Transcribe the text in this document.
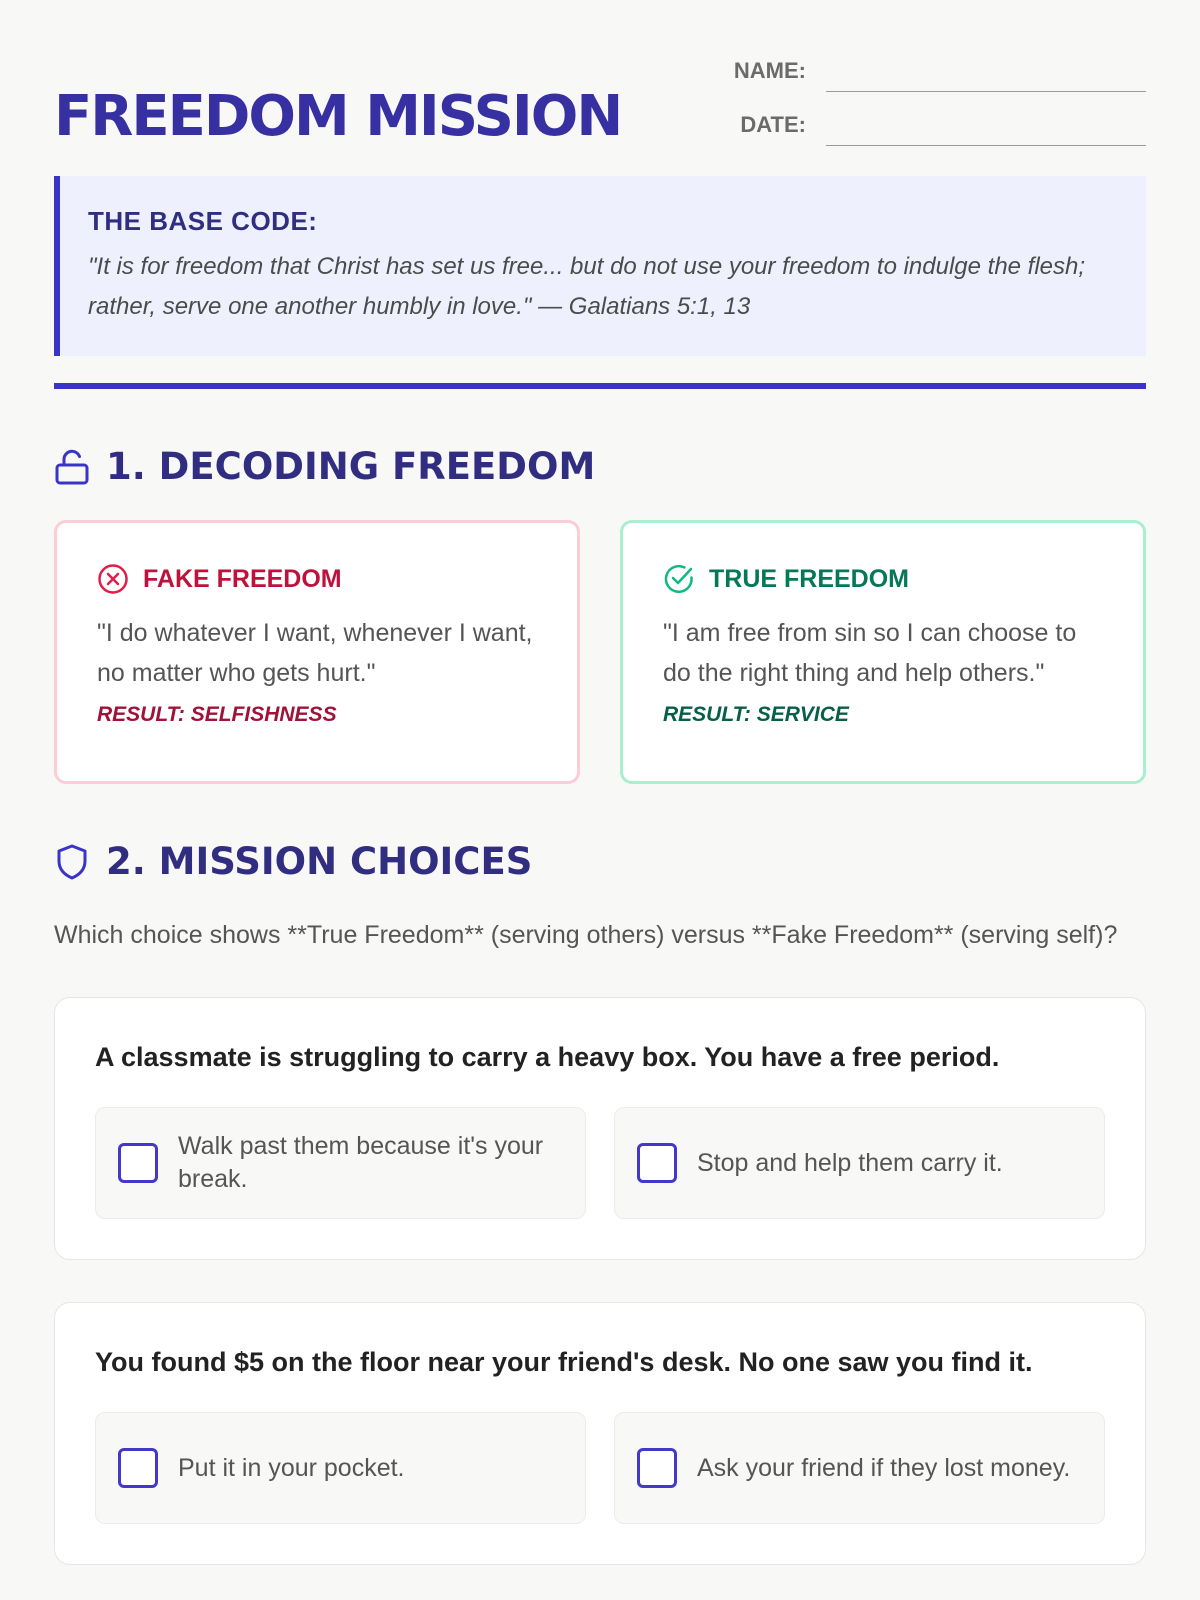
FREEDOM MISSION
NAME:
DATE:
THE BASE CODE:
"It is for freedom that Christ has set us free... but do not use your freedom to indulge the flesh; rather, serve one another humbly in love." — Galatians 5:1, 13
1. DECODING FREEDOM
FAKE FREEDOM
"I do whatever I want, whenever I want, no matter who gets hurt."
RESULT: SELFISHNESS
TRUE FREEDOM
"I am free from sin so I can choose to do the right thing and help others."
RESULT: SERVICE
2. MISSION CHOICES
Which choice shows **True Freedom** (serving others) versus **Fake Freedom** (serving self)?
A classmate is struggling to carry a heavy box. You have a free period.
Walk past them because it's your break.
Stop and help them carry it.
You found $5 on the floor near your friend's desk. No one saw you find it.
Put it in your pocket.	Ask your friend if they lost money.
